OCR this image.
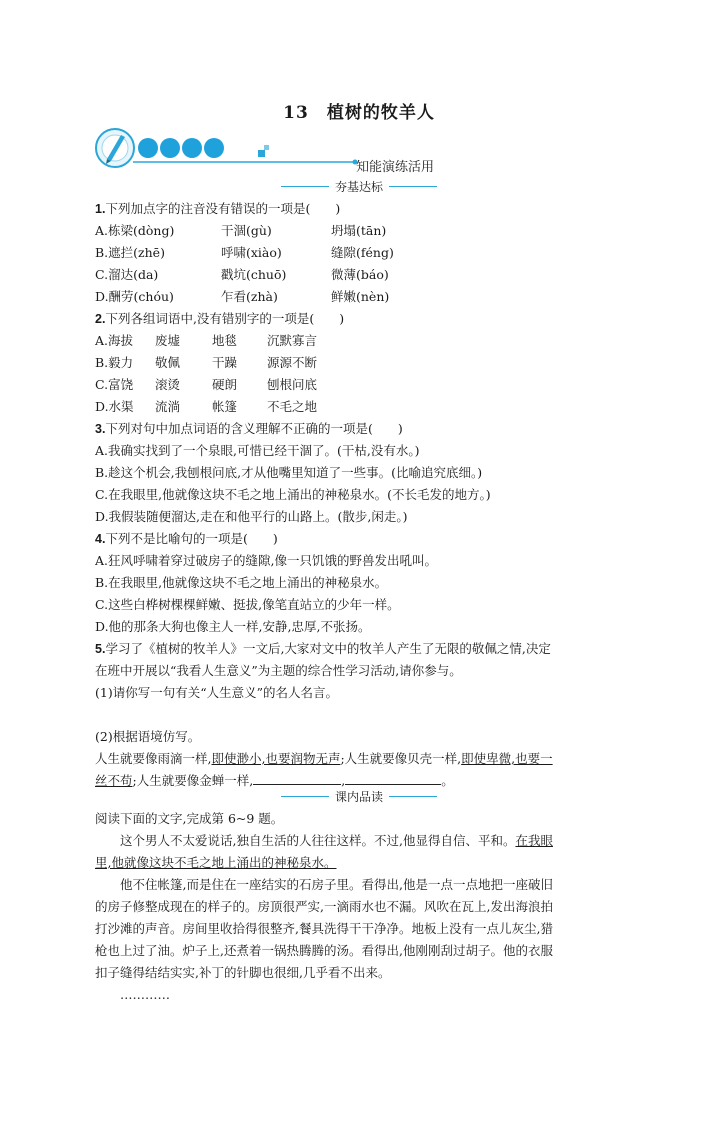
13　植树的牧羊人
知能演练活用
夯基达标
1.下列加点字的注音没有错误的一项是(　　)
A.栋梁(dòng)	干涸(gù)	坍塌(tān)
B.遮拦(zhē)	呼啸(xiào)	缝隙(féng)
C.溜达(da)	戳坑(chuō)	微薄(báo)
D.酬劳(chóu)	乍看(zhà)	鲜嫩(nèn)
2.下列各组词语中,没有错别字的一项是(　　)
A.海拔 废墟	地毯 沉默寡言
B.毅力 敬佩	干躁 源源不断
C.富饶 滚烫	硬朗 刨根问底
D.水渠 流淌	帐篷 不毛之地
3.下列对句中加点词语的含义理解不正确的一项是(　　)
A.我确实找到了一个泉眼,可惜已经干涸了。(干枯,没有水。)
B.趁这个机会,我刨根问底,才从他嘴里知道了一些事。(比喻追究底细。)
C.在我眼里,他就像这块不毛之地上涌出的神秘泉水。(不长毛发的地方。)
D.我假装随便溜达,走在和他平行的山路上。(散步,闲走。)
4.下列不是比喻句的一项是(　　)
A.狂风呼啸着穿过破房子的缝隙,像一只饥饿的野兽发出吼叫。
B.在我眼里,他就像这块不毛之地上涌出的神秘泉水。
C.这些白桦树棵棵鲜嫩、挺拔,像笔直站立的少年一样。
D.他的那条大狗也像主人一样,安静,忠厚,不张扬。
5.学习了《植树的牧羊人》一文后,大家对文中的牧羊人产生了无限的敬佩之情,决定
在班中开展以“我看人生意义”为主题的综合性学习活动,请你参与。
(1)请你写一句有关“人生意义”的名人名言。
(2)根据语境仿写。
人生就要像雨滴一样,即使渺小,也要润物无声;人生就要像贝壳一样,即使卑微,也要一
丝不苟;人生就要像金蝉一样,	,	。
课内品读
阅读下面的文字,完成第 6~9 题。
这个男人不太爱说话,独自生活的人往往这样。不过,他显得自信、平和。在我眼
里,他就像这块不毛之地上涌出的神秘泉水。
他不住帐篷,而是住在一座结实的石房子里。看得出,他是一点一点地把一座破旧
的房子修整成现在的样子的。房顶很严实,一滴雨水也不漏。风吹在瓦上,发出海浪拍
打沙滩的声音。房间里收拾得很整齐,餐具洗得干干净净。地板上没有一点儿灰尘,猎
枪也上过了油。炉子上,还煮着一锅热腾腾的汤。看得出,他刚刚刮过胡子。他的衣服
扣子缝得结结实实,补丁的针脚也很细,几乎看不出来。
…………
